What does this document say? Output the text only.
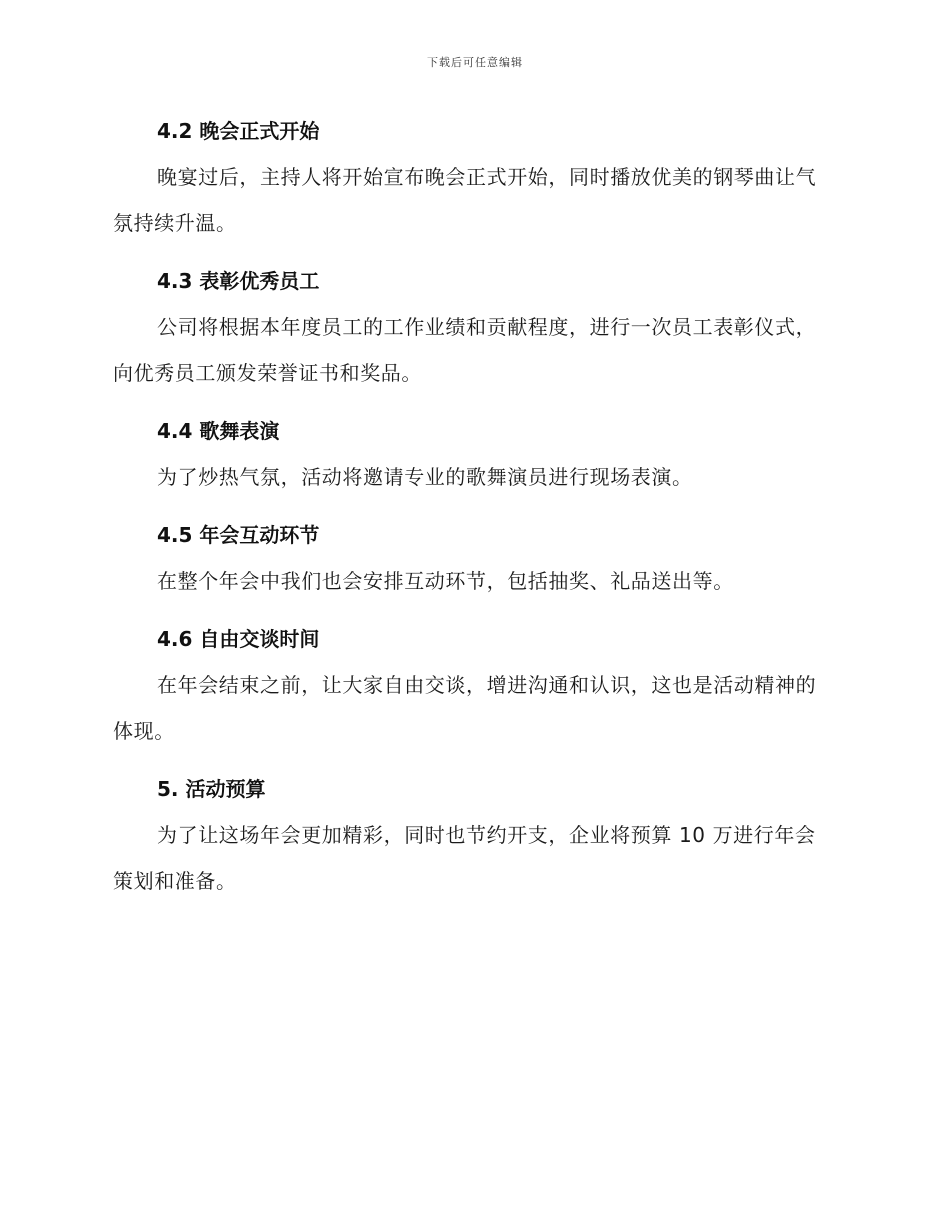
下载后可任意编辑
4.2 晚会正式开始

晚宴过后，主持人将开始宣布晚会正式开始，同时播放优美的钢琴曲让气氛持续升温。

4.3 表彰优秀员工

公司将根据本年度员工的工作业绩和贡献程度，进行一次员工表彰仪式，向优秀员工颁发荣誉证书和奖品。

4.4 歌舞表演

为了炒热气氛，活动将邀请专业的歌舞演员进行现场表演。

4.5 年会互动环节

在整个年会中我们也会安排互动环节，包括抽奖、礼品送出等。

4.6 自由交谈时间

在年会结束之前，让大家自由交谈，增进沟通和认识，这也是活动精神的体现。

5. 活动预算

为了让这场年会更加精彩，同时也节约开支，企业将预算 10 万进行年会策划和准备。
